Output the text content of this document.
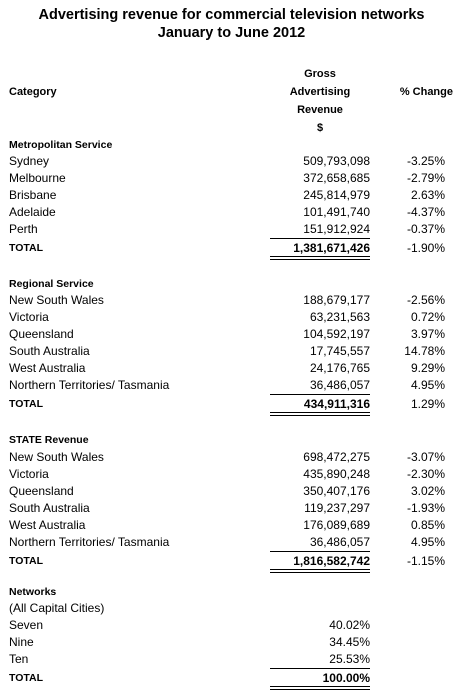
Advertising revenue for commercial television networks
January to June 2012
Category
Gross
Advertising
Revenue
$
% Change
Metropolitan Service
Sydney	509,793,098	-3.25%
Melbourne	372,658,685	-2.79%
Brisbane	245,814,979	2.63%
Adelaide	101,491,740	-4.37%
Perth	151,912,924	-0.37%
TOTAL	1,381,671,426	-1.90%
Regional Service
New South Wales	188,679,177	-2.56%
Victoria	63,231,563	0.72%
Queensland	104,592,197	3.97%
South Australia	17,745,557	14.78%
West Australia	24,176,765	9.29%
Northern Territories/ Tasmania	36,486,057	4.95%
TOTAL	434,911,316	1.29%
STATE Revenue
New South Wales	698,472,275	-3.07%
Victoria	435,890,248	-2.30%
Queensland	350,407,176	3.02%
South Australia	119,237,297	-1.93%
West Australia	176,089,689	0.85%
Northern Territories/ Tasmania	36,486,057	4.95%
TOTAL	1,816,582,742	-1.15%
Networks
(All Capital Cities)
Seven	40.02%
Nine	34.45%
Ten	25.53%
TOTAL	100.00%
